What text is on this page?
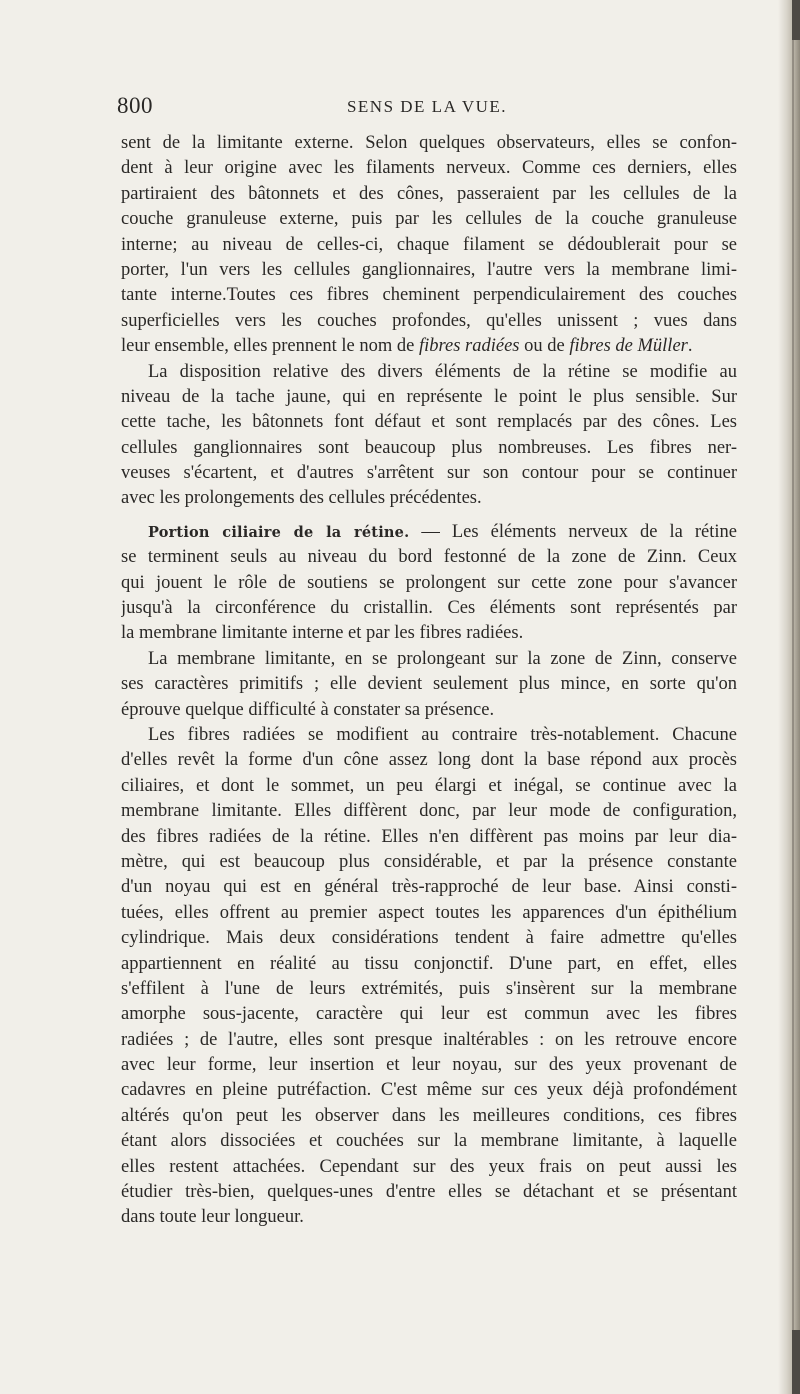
800	SENS DE LA VUE.
sent de la limitante externe. Selon quelques observateurs, elles se confon-
dent à leur origine avec les filaments nerveux. Comme ces derniers, elles
partiraient des bâtonnets et des cônes, passeraient par les cellules de la
couche granuleuse externe, puis par les cellules de la couche granuleuse
interne; au niveau de celles-ci, chaque filament se dédoublerait pour se
porter, l'un vers les cellules ganglionnaires, l'autre vers la membrane limi-
tante interne.Toutes ces fibres cheminent perpendiculairement des couches
superficielles vers les couches profondes, qu'elles unissent ; vues dans
leur ensemble, elles prennent le nom de fibres radiées ou de fibres de Müller.
La disposition relative des divers éléments de la rétine se modifie au
niveau de la tache jaune, qui en représente le point le plus sensible. Sur
cette tache, les bâtonnets font défaut et sont remplacés par des cônes. Les
cellules ganglionnaires sont beaucoup plus nombreuses. Les fibres ner-
veuses s'écartent, et d'autres s'arrêtent sur son contour pour se continuer
avec les prolongements des cellules précédentes.
Portion ciliaire de la rétine. — Les éléments nerveux de la rétine
se terminent seuls au niveau du bord festonné de la zone de Zinn. Ceux
qui jouent le rôle de soutiens se prolongent sur cette zone pour s'avancer
jusqu'à la circonférence du cristallin. Ces éléments sont représentés par
la membrane limitante interne et par les fibres radiées.
La membrane limitante, en se prolongeant sur la zone de Zinn, conserve
ses caractères primitifs ; elle devient seulement plus mince, en sorte qu'on
éprouve quelque difficulté à constater sa présence.
Les fibres radiées se modifient au contraire très-notablement. Chacune
d'elles revêt la forme d'un cône assez long dont la base répond aux procès
ciliaires, et dont le sommet, un peu élargi et inégal, se continue avec la
membrane limitante. Elles diffèrent donc, par leur mode de configuration,
des fibres radiées de la rétine. Elles n'en diffèrent pas moins par leur dia-
mètre, qui est beaucoup plus considérable, et par la présence constante
d'un noyau qui est en général très-rapproché de leur base. Ainsi consti-
tuées, elles offrent au premier aspect toutes les apparences d'un épithélium
cylindrique. Mais deux considérations tendent à faire admettre qu'elles
appartiennent en réalité au tissu conjonctif. D'une part, en effet, elles
s'effilent à l'une de leurs extrémités, puis s'insèrent sur la membrane
amorphe sous-jacente, caractère qui leur est commun avec les fibres
radiées ; de l'autre, elles sont presque inaltérables : on les retrouve encore
avec leur forme, leur insertion et leur noyau, sur des yeux provenant de
cadavres en pleine putréfaction. C'est même sur ces yeux déjà profondément
altérés qu'on peut les observer dans les meilleures conditions, ces fibres
étant alors dissociées et couchées sur la membrane limitante, à laquelle
elles restent attachées. Cependant sur des yeux frais on peut aussi les
étudier très-bien, quelques-unes d'entre elles se détachant et se présentant
dans toute leur longueur.
